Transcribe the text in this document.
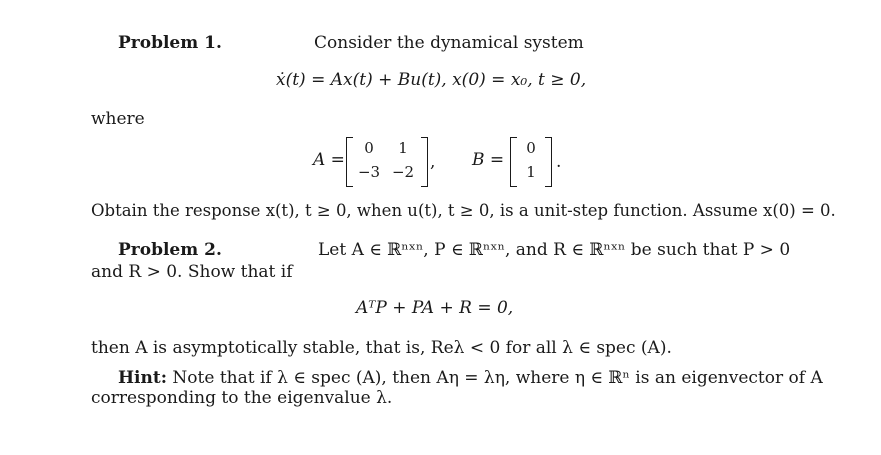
Problem 1.	Consider the dynamical system
ẋ(t) = Ax(t) + Bu(t), x(0) = x₀, t ≥ 0,
where
A =
0	1
−3 −2 , B =
0
1	.
Obtain the response x(t), t ≥ 0, when u(t), t ≥ 0, is a unit-step function. Assume x(0) = 0.
Problem 2.	Let A ∈ ℝⁿˣⁿ, P ∈ ℝⁿˣⁿ, and R ∈ ℝⁿˣⁿ be such that P > 0
and R > 0. Show that if
AᵀP + PA + R = 0,
then A is asymptotically stable, that is, Reλ < 0 for all λ ∈ spec (A).
Hint: Note that if λ ∈ spec (A), then Aη = λη, where η ∈ ℝⁿ is an eigenvector of A
corresponding to the eigenvalue λ.
